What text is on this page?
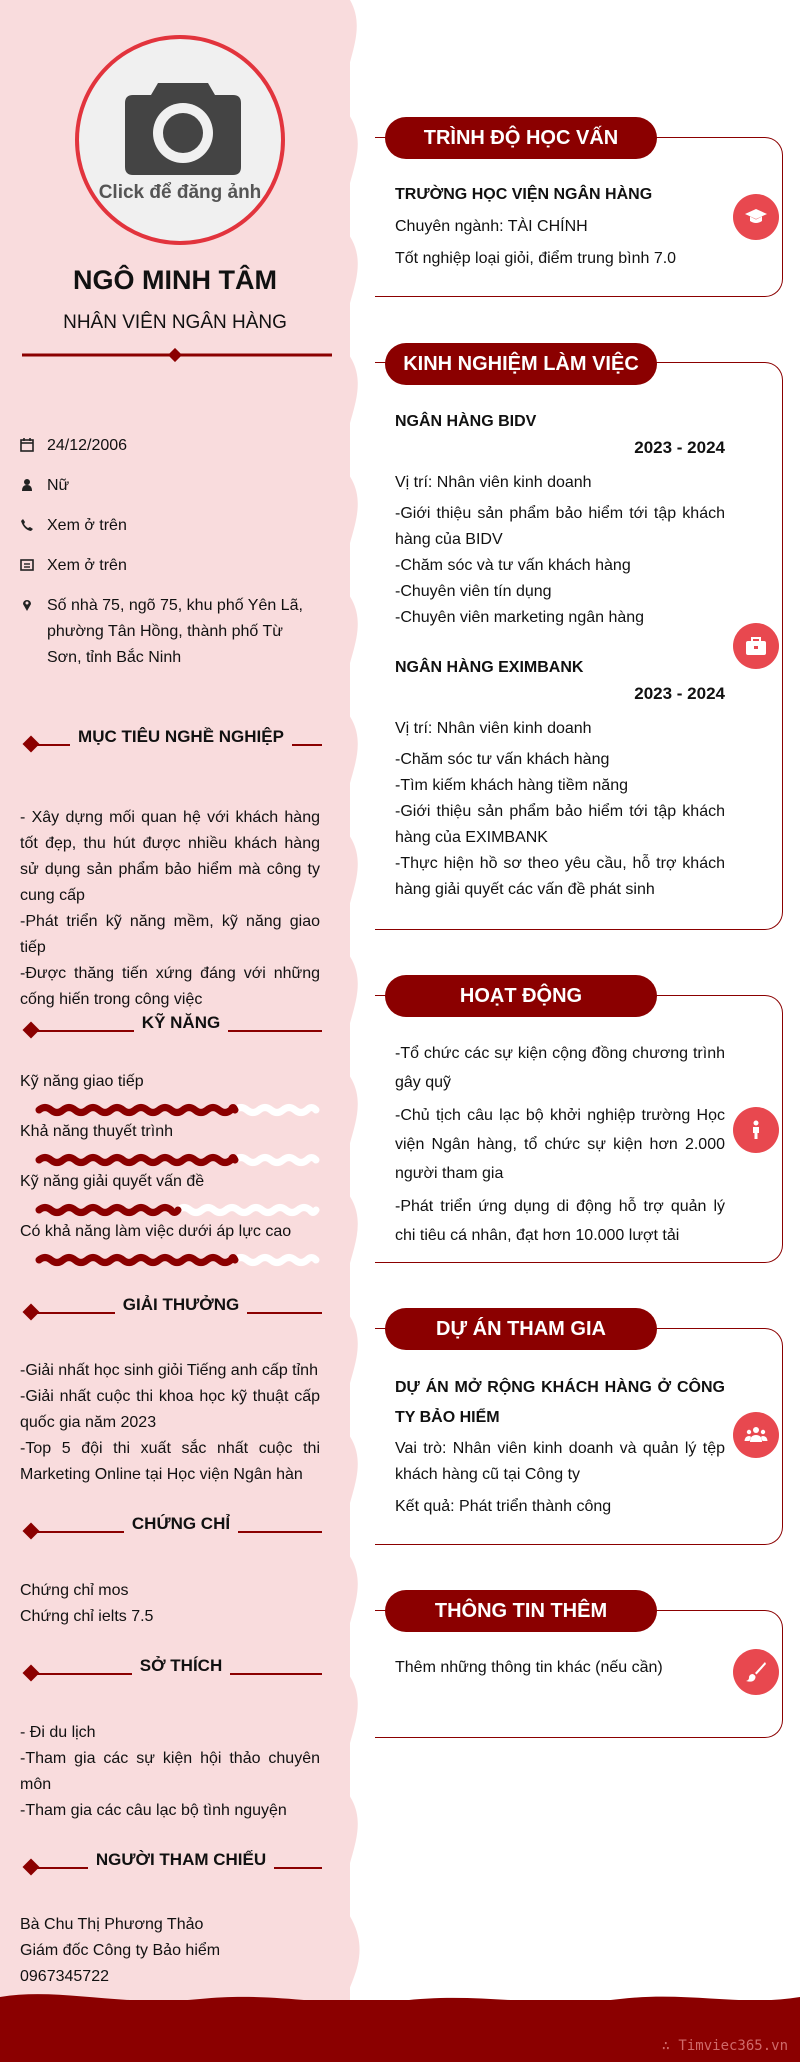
Click để đăng ảnh
NGÔ MINH TÂM
NHÂN VIÊN NGÂN HÀNG
24/12/2006
Nữ
Xem ở trên
Xem ở trên
Số nhà 75, ngõ 75, khu phố Yên Lã, phường Tân Hồng, thành phố Từ Sơn, tỉnh Bắc Ninh
MỤC TIÊU NGHỀ NGHIỆP
- Xây dựng mối quan hệ với khách hàng tốt đẹp, thu hút được nhiều khách hàng sử dụng sản phẩm bảo hiểm mà công ty cung cấp
-Phát triển kỹ năng mềm, kỹ năng giao tiếp
-Được thăng tiến xứng đáng với những cống hiến trong công việc
KỸ NĂNG
Kỹ năng giao tiếp
Khả năng thuyết trình
Kỹ năng giải quyết vấn đề
Có khả năng làm việc dưới áp lực cao
GIẢI THƯỞNG
-Giải nhất học sinh giỏi Tiếng anh cấp tỉnh
-Giải nhất cuộc thi khoa học kỹ thuật cấp quốc gia năm 2023
-Top 5 đội thi xuất sắc nhất cuộc thi Marketing Online tại Học viện Ngân hàn
CHỨNG CHỈ
Chứng chỉ mos
Chứng chỉ ielts 7.5
SỞ THÍCH
- Đi du lịch
-Tham gia các sự kiện hội thảo chuyên môn
-Tham gia các câu lạc bộ tình nguyện
NGƯỜI THAM CHIẾU
Bà Chu Thị Phương Thảo
Giám đốc Công ty Bảo hiểm
0967345722
TRÌNH ĐỘ HỌC VẤN
TRƯỜNG HỌC VIỆN NGÂN HÀNG
Chuyên ngành: TÀI CHÍNH
Tốt nghiệp loại giỏi, điểm trung bình 7.0
KINH NGHIỆM LÀM VIỆC
NGÂN HÀNG BIDV
2023 - 2024
Vị trí: Nhân viên kinh doanh
-Giới thiệu sản phẩm bảo hiểm tới tập khách hàng của BIDV
-Chăm sóc và tư vấn khách hàng
-Chuyên viên tín dụng
-Chuyên viên marketing ngân hàng
NGÂN HÀNG EXIMBANK
2023 - 2024
Vị trí: Nhân viên kinh doanh
-Chăm sóc tư vấn khách hàng
-Tìm kiếm khách hàng tiềm năng
-Giới thiệu sản phẩm bảo hiểm tới tập khách hàng của EXIMBANK
-Thực hiện hồ sơ theo yêu cầu, hỗ trợ khách hàng giải quyết các vấn đề phát sinh
HOẠT ĐỘNG
-Tổ chức các sự kiện cộng đồng chương trình gây quỹ
-Chủ tịch câu lạc bộ khởi nghiệp trường Học viện Ngân hàng, tổ chức sự kiện hơn 2.000 người tham gia
-Phát triển ứng dụng di động hỗ trợ quản lý chi tiêu cá nhân, đạt hơn 10.000 lượt tải
DỰ ÁN THAM GIA
DỰ ÁN MỞ RỘNG KHÁCH HÀNG Ở CÔNG TY BẢO HIỂM
Vai trò: Nhân viên kinh doanh và quản lý tệp khách hàng cũ tại Công ty
Kết quả: Phát triển thành công
THÔNG TIN THÊM
Thêm những thông tin khác (nếu cần)
∴ Timviec365.vn
